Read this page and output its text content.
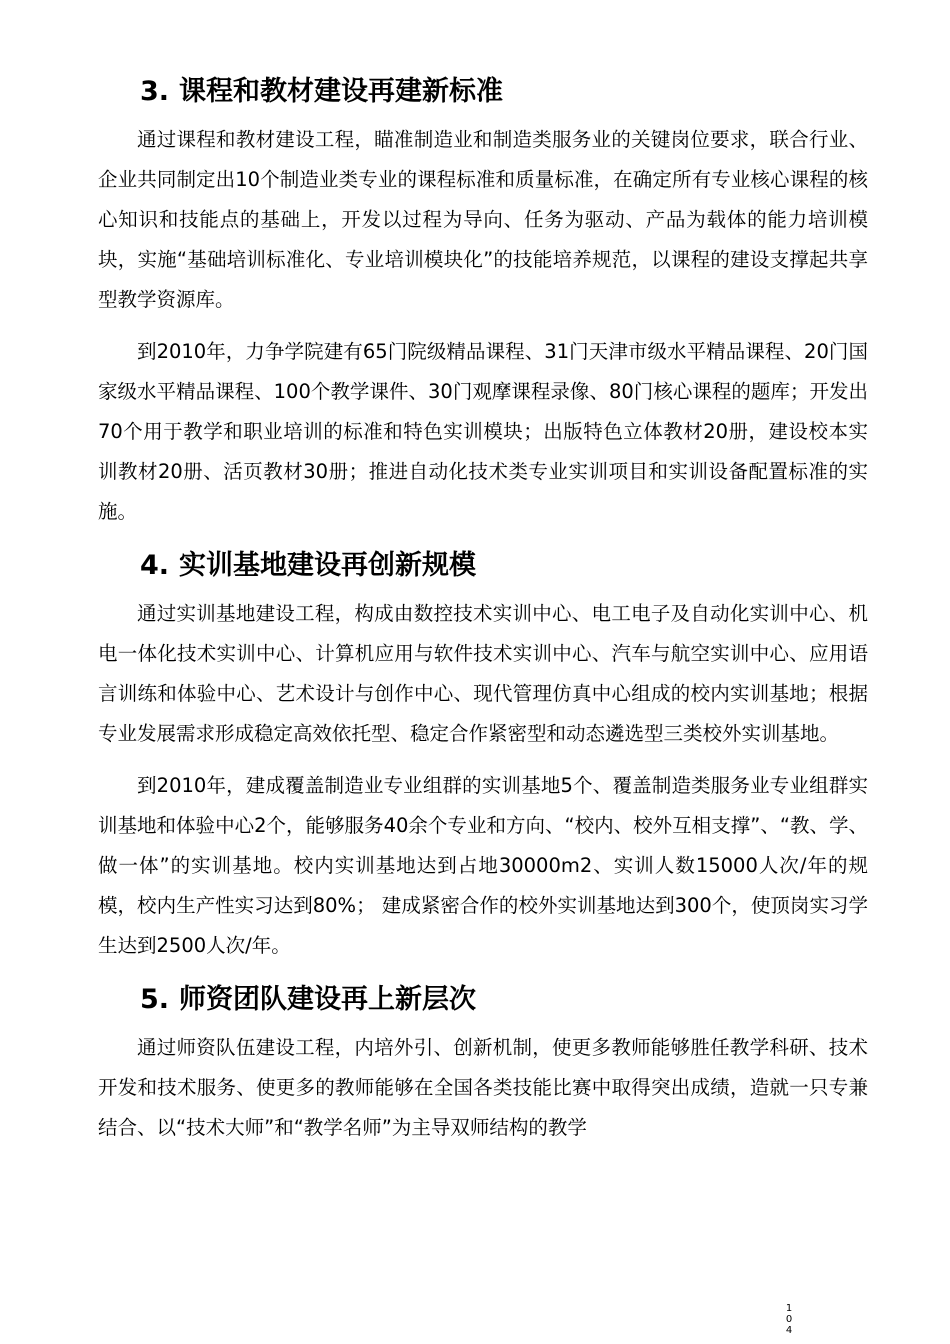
3. 课程和教材建设再建新标准

通过课程和教材建设工程，瞄准制造业和制造类服务业的关键岗位要求，联合行业、企业共同制定出10个制造业类专业的课程标准和质量标准，在确定所有专业核心课程的核心知识和技能点的基础上，开发以过程为导向、任务为驱动、产品为载体的能力培训模块，实施“基础培训标准化、专业培训模块化”的技能培养规范，以课程的建设支撑起共享型教学资源库。

到2010年，力争学院建有65门院级精品课程、31门天津市级水平精品课程、20门国家级水平精品课程、100个教学课件、30门观摩课程录像、80门核心课程的题库；开发出70个用于教学和职业培训的标准和特色实训模块；出版特色立体教材20册，建设校本实训教材20册、活页教材30册；推进自动化技术类专业实训项目和实训设备配置标准的实施。

4. 实训基地建设再创新规模

通过实训基地建设工程，构成由数控技术实训中心、电工电子及自动化实训中心、机电一体化技术实训中心、计算机应用与软件技术实训中心、汽车与航空实训中心、应用语言训练和体验中心、艺术设计与创作中心、现代管理仿真中心组成的校内实训基地；根据专业发展需求形成稳定高效依托型、稳定合作紧密型和动态遴选型三类校外实训基地。

到2010年，建成覆盖制造业专业组群的实训基地5个、覆盖制造类服务业专业组群实训基地和体验中心2个，能够服务40余个专业和方向、“校内、校外互相支撑”、“教、学、做一体”的实训基地。校内实训基地达到占地30000m2、实训人数15000人次/年的规模，校内生产性实习达到80%； 建成紧密合作的校外实训基地达到300个，使顶岗实习学生达到2500人次/年。

5. 师资团队建设再上新层次

通过师资队伍建设工程，内培外引、创新机制，使更多教师能够胜任教学科研、技术开发和技术服务、使更多的教师能够在全国各类技能比赛中取得突出成绩，造就一只专兼结合、以“技术大师”和“教学名师”为主导双师结构的教学

104
